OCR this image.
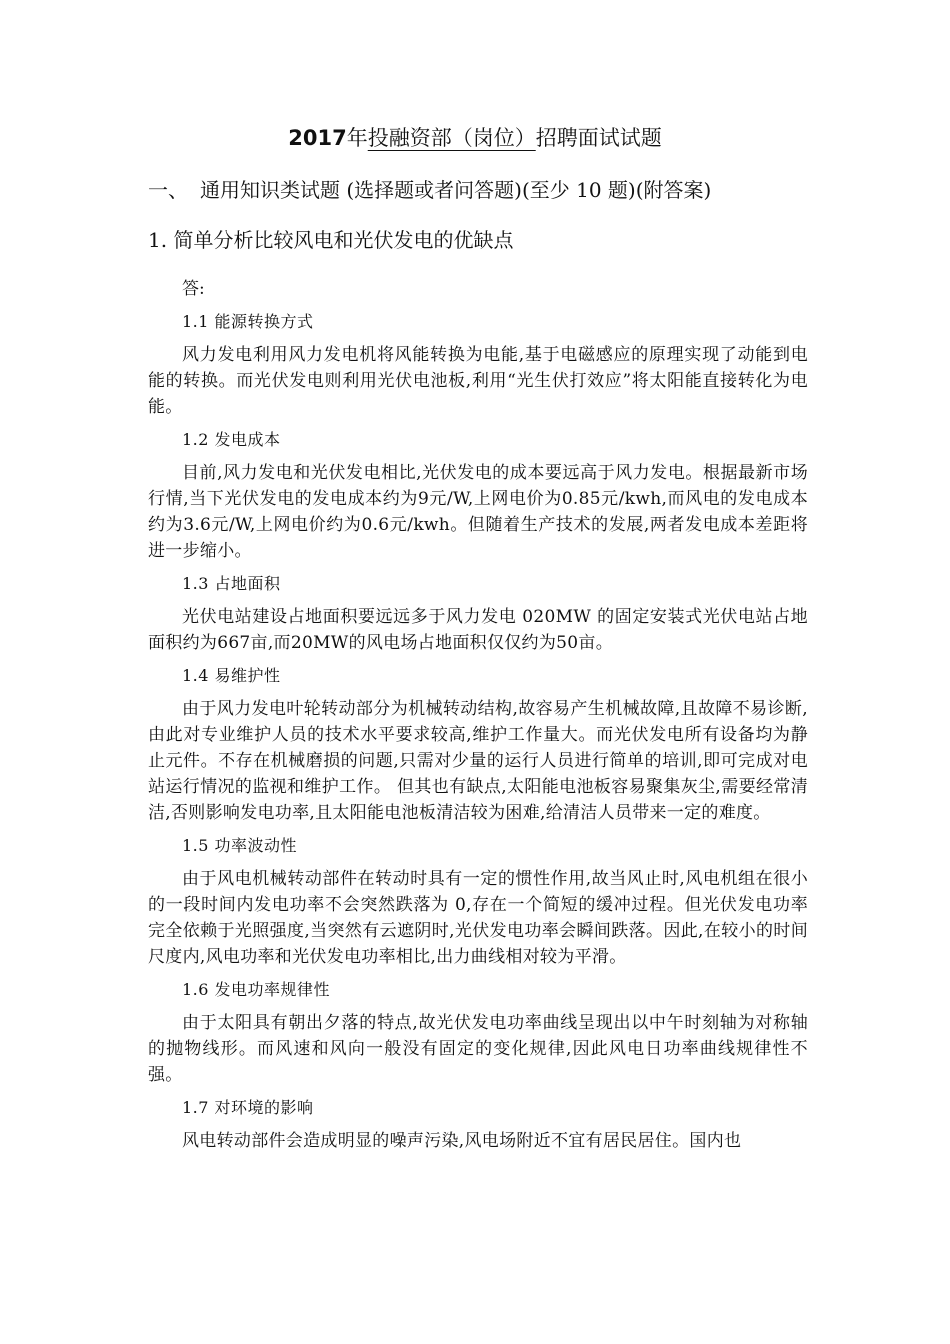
2017年投融资部（岗位）招聘面试试题
一、 通用知识类试题 (选择题或者问答题)(至少 10 题)(附答案)
1. 简单分析比较风电和光伏发电的优缺点
答:
1.1 能源转换方式

风力发电利用风力发电机将风能转换为电能,基于电磁感应的原理实现了动能到电能的转换。而光伏发电则利用光伏电池板,利用“光生伏打效应”将太阳能直接转化为电能。

1.2 发电成本

目前,风力发电和光伏发电相比,光伏发电的成本要远高于风力发电。根据最新市场行情,当下光伏发电的发电成本约为9元/W,上网电价为0.85元/kwh,而风电的发电成本约为3.6元/W,上网电价约为0.6元/kwh。但随着生产技术的发展,两者发电成本差距将进一步缩小。

1.3 占地面积

光伏电站建设占地面积要远远多于风力发电 020MW 的固定安装式光伏电站占地面积约为667亩,而20MW的风电场占地面积仅仅约为50亩。

1.4 易维护性

由于风力发电叶轮转动部分为机械转动结构,故容易产生机械故障,且故障不易诊断,由此对专业维护人员的技术水平要求较高,维护工作量大。而光伏发电所有设备均为静止元件。不存在机械磨损的问题,只需对少量的运行人员进行简单的培训,即可完成对电站运行情况的监视和维护工作。 但其也有缺点,太阳能电池板容易聚集灰尘,需要经常清洁,否则影响发电功率,且太阳能电池板清洁较为困难,给清洁人员带来一定的难度。

1.5 功率波动性

由于风电机械转动部件在转动时具有一定的惯性作用,故当风止时,风电机组在很小的一段时间内发电功率不会突然跌落为 0,存在一个简短的缓冲过程。但光伏发电功率完全依赖于光照强度,当突然有云遮阴时,光伏发电功率会瞬间跌落。因此,在较小的时间尺度内,风电功率和光伏发电功率相比,出力曲线相对较为平滑。

1.6 发电功率规律性

由于太阳具有朝出夕落的特点,故光伏发电功率曲线呈现出以中午时刻轴为对称轴的抛物线形。而风速和风向一般没有固定的变化规律,因此风电日功率曲线规律性不强。

1.7 对环境的影响

风电转动部件会造成明显的噪声污染,风电场附近不宜有居民居住。国内也
